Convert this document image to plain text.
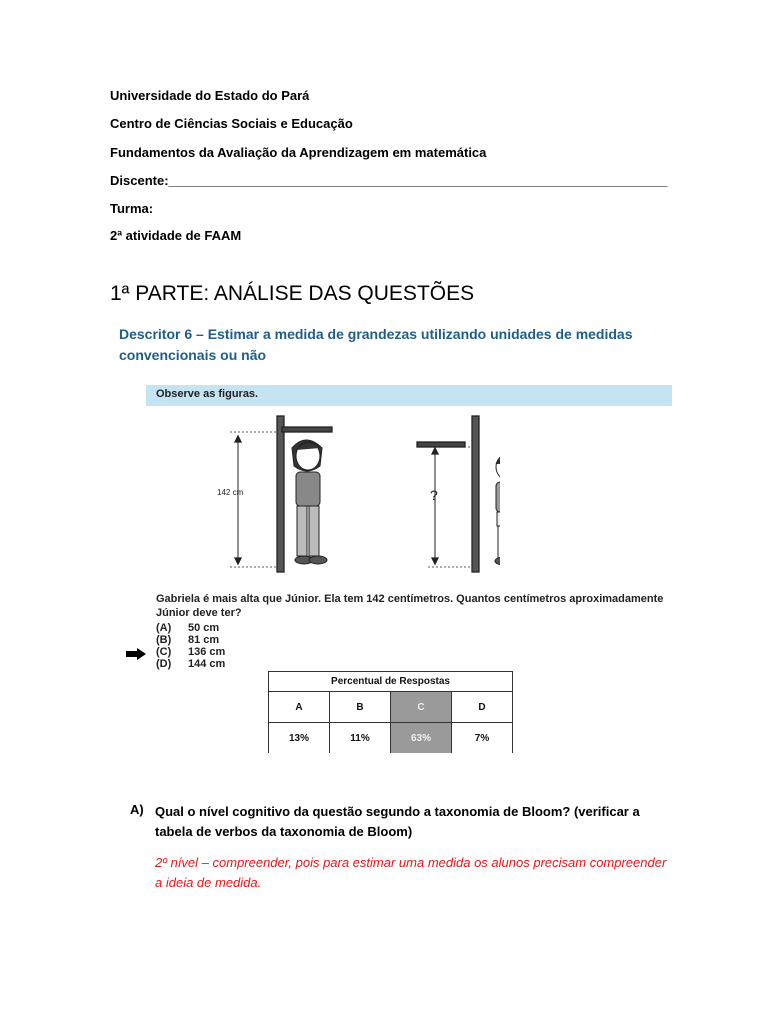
Universidade do Estado do Pará
Centro de Ciências Sociais e Educação
Fundamentos da Avaliação da Aprendizagem em matemática
Discente:_____________________________________________________________________
Turma:
2ª atividade de FAAM
1ª PARTE: ANÁLISE DAS QUESTÕES
Descritor 6 – Estimar a medida de grandezas utilizando unidades de medidas convencionais ou não
Observe as figuras.
142 cm	?
Gabriela é mais alta que Júnior. Ela tem 142 centímetros. Quantos centímetros aproximadamente Júnior deve ter?
(A) 50 cm
(B) 81 cm
(C) 136 cm
(D) 144 cm
Percentual de Respostas			
A	B	C	D
13%	11%	63%	7%
A) Qual o nível cognitivo da questão segundo a taxonomia de Bloom? (verificar a tabela de verbos da taxonomia de Bloom)
2º nível – compreender, pois para estimar uma medida os alunos precisam compreender a ideia de medida.
